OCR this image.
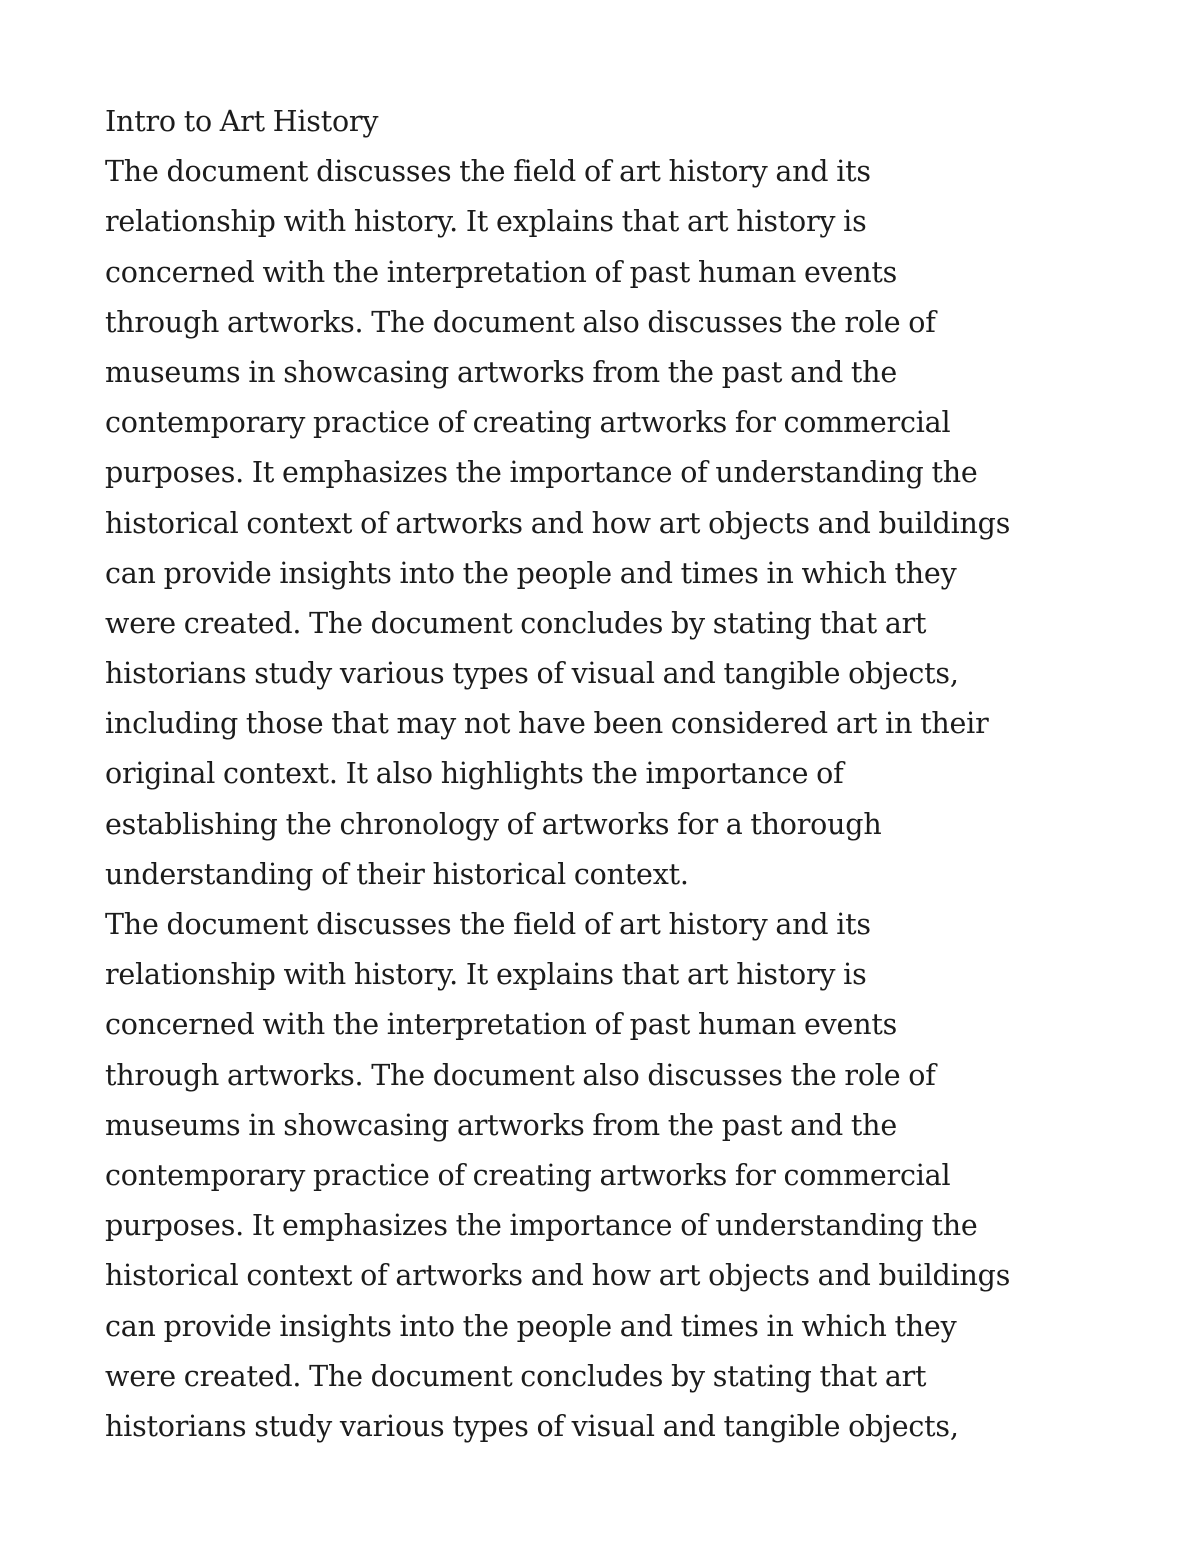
Intro to Art History
The document discusses the field of art history and its
relationship with history. It explains that art history is
concerned with the interpretation of past human events
through artworks. The document also discusses the role of
museums in showcasing artworks from the past and the
contemporary practice of creating artworks for commercial
purposes. It emphasizes the importance of understanding the
historical context of artworks and how art objects and buildings
can provide insights into the people and times in which they
were created. The document concludes by stating that art
historians study various types of visual and tangible objects,
including those that may not have been considered art in their
original context. It also highlights the importance of
establishing the chronology of artworks for a thorough
understanding of their historical context.
The document discusses the field of art history and its
relationship with history. It explains that art history is
concerned with the interpretation of past human events
through artworks. The document also discusses the role of
museums in showcasing artworks from the past and the
contemporary practice of creating artworks for commercial
purposes. It emphasizes the importance of understanding the
historical context of artworks and how art objects and buildings
can provide insights into the people and times in which they
were created. The document concludes by stating that art
historians study various types of visual and tangible objects,
